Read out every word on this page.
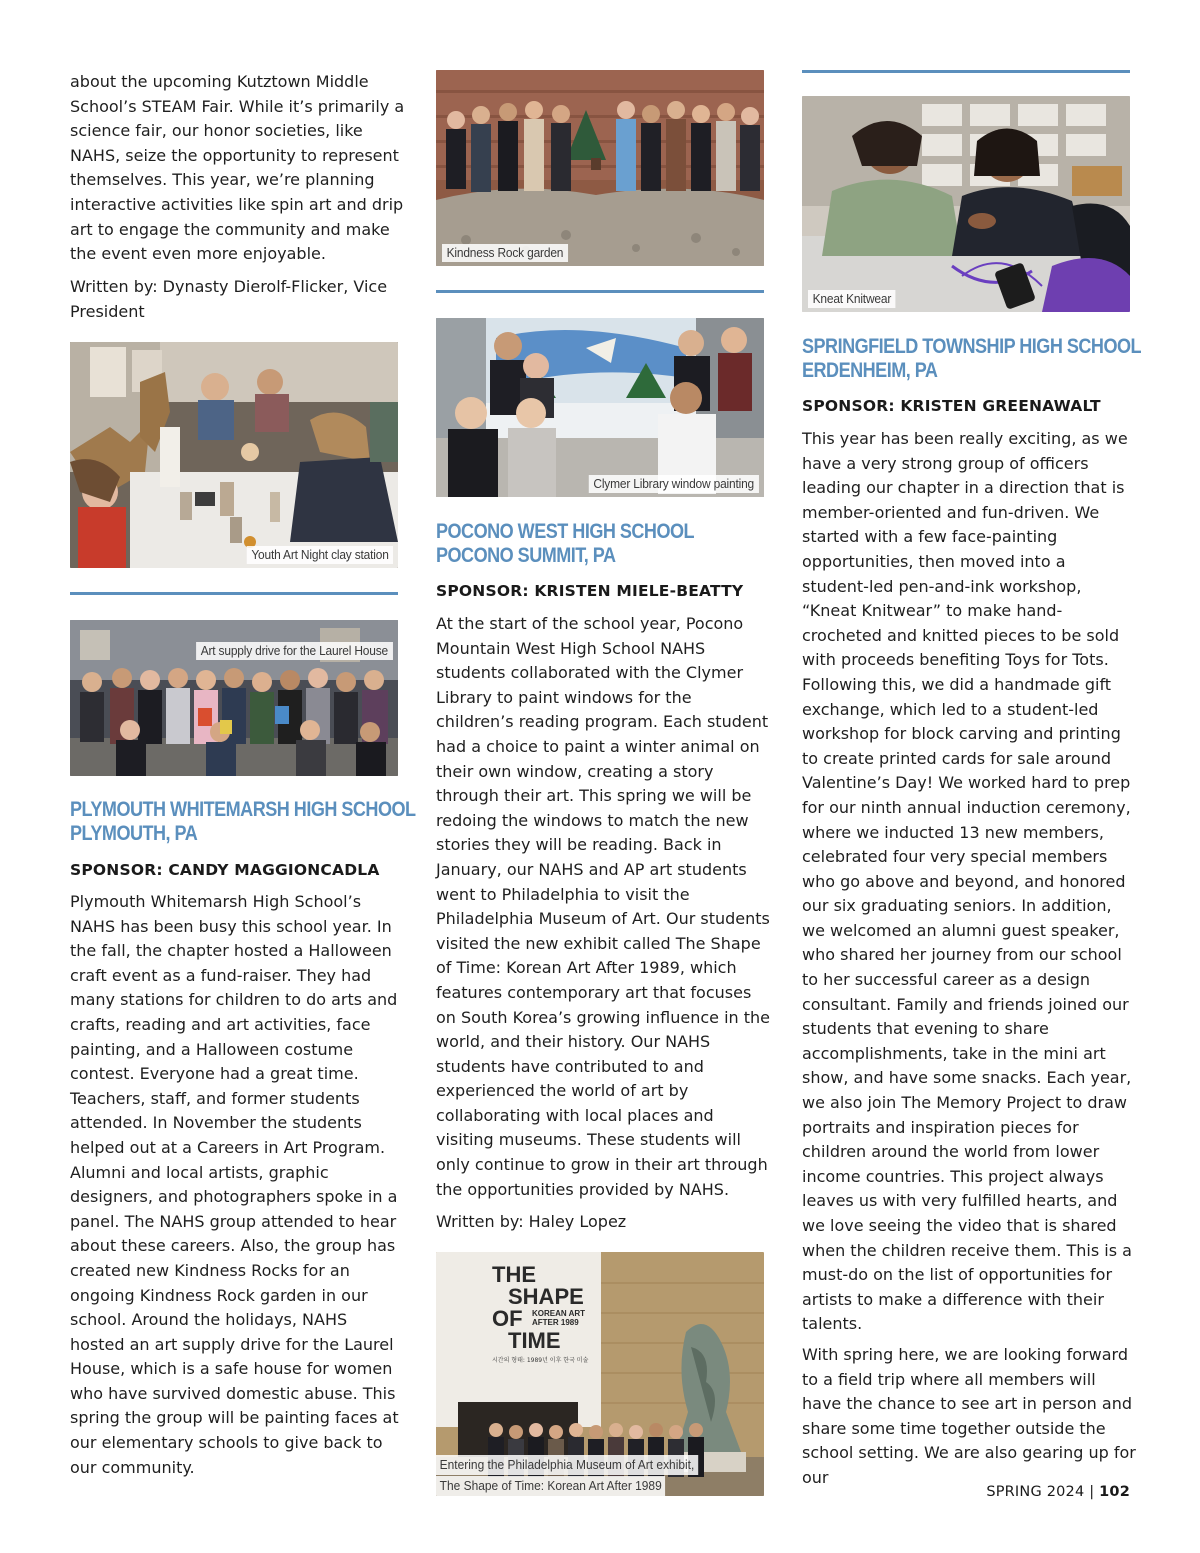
about the upcoming Kutztown Middle School’s STEAM Fair. While it’s primarily a science fair, our honor societies, like NAHS, seize the opportunity to represent themselves. This year, we’re planning interactive activities like spin art and drip art to engage the community and make the event even more enjoyable.

Written by: Dynasty Dierolf-Flicker, Vice President

Youth Art Night clay station
Art supply drive for the Laurel House
PLYMOUTH WHITEMARSH HIGH SCHOOL
PLYMOUTH, PA

SPONSOR: CANDY MAGGIONCADLA

Plymouth Whitemarsh High School’s NAHS has been busy this school year. In the fall, the chapter hosted a Halloween craft event as a fund-raiser. They had many stations for children to do arts and crafts, reading and art activities, face painting, and a Halloween costume contest. Everyone had a great time. Teachers, staff, and former students attended. In November the students helped out at a Careers in Art Program. Alumni and local artists, graphic designers, and photographers spoke in a panel. The NAHS group attended to hear about these careers. Also, the group has created new Kindness Rocks for an ongoing Kindness Rock garden in our school. Around the holidays, NAHS hosted an art supply drive for the Laurel House, which is a safe house for women who have survived domestic abuse. This spring the group will be painting faces at our elementary schools to give back to our community.

Kindness Rock garden
Clymer Library window painting
POCONO WEST HIGH SCHOOL
POCONO SUMMIT, PA

SPONSOR: KRISTEN MIELE-BEATTY

At the start of the school year, Pocono Mountain West High School NAHS students collaborated with the Clymer Library to paint windows for the children’s reading program. Each student had a choice to paint a winter animal on their own window, creating a story through their art. This spring we will be redoing the windows to match the new stories they will be reading. Back in January, our NAHS and AP art students went to Philadelphia to visit the Philadelphia Museum of Art. Our students visited the new exhibit called The Shape of Time: Korean Art After 1989, which features contemporary art that focuses on South Korea’s growing influence in the world, and their history. Our NAHS students have contributed to and experienced the world of art by collaborating with local places and visiting museums. These students will only continue to grow in their art through the opportunities provided by NAHS.

Written by: Haley Lopez

THE
SHAPE
OF KOREAN ART
AFTER 1989
TIME
시간의 형태: 1989년 이후 한국 미술
Entering the Philadelphia Museum of Art exhibit,
The Shape of Time: Korean Art After 1989
Kneat Knitwear
SPRINGFIELD TOWNSHIP HIGH SCHOOL
ERDENHEIM, PA

SPONSOR: KRISTEN GREENAWALT

This year has been really exciting, as we have a very strong group of officers leading our chapter in a direction that is member-oriented and fun-driven. We started with a few face-painting opportunities, then moved into a student-led pen-and-ink workshop, “Kneat Knitwear” to make hand-crocheted and knitted pieces to be sold with proceeds benefiting Toys for Tots. Following this, we did a handmade gift exchange, which led to a student-led workshop for block carving and printing to create printed cards for sale around Valentine’s Day! We worked hard to prep for our ninth annual induction ceremony, where we inducted 13 new members, celebrated four very special members who go above and beyond, and honored our six graduating seniors. In addition, we welcomed an alumni guest speaker, who shared her journey from our school to her successful career as a design consultant. Family and friends joined our students that evening to share accomplishments, take in the mini art show, and have some snacks. Each year, we also join The Memory Project to draw portraits and inspiration pieces for children around the world from lower income countries. This project always leaves us with very fulfilled hearts, and we love seeing the video that is shared when the children receive them. This is a must-do on the list of opportunities for artists to make a difference with their talents.

With spring here, we are looking forward to a field trip where all members will have the chance to see art in person and share some time together outside the school setting. We are also gearing up for our

SPRING 2024 | 102
